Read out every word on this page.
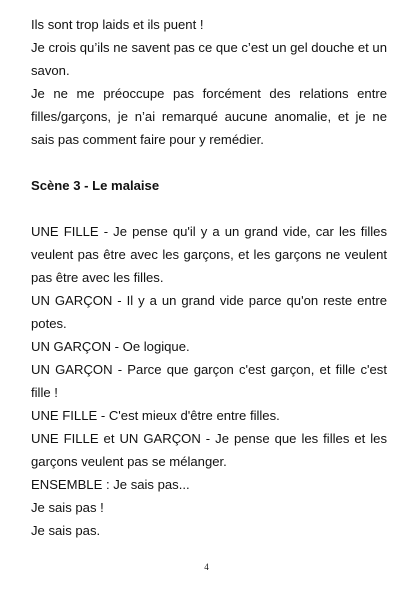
Ils sont trop laids et ils puent !
Je crois qu’ils ne savent pas ce que c’est un gel douche et un savon.
Je ne me préoccupe pas forcément des relations entre filles/garçons, je n’ai remarqué aucune anomalie, et je ne sais pas comment faire pour y remédier.
Scène 3 - Le malaise
UNE FILLE - Je pense qu'il y a un grand vide, car les filles veulent pas être avec les garçons, et les garçons ne veulent pas être avec les filles.
UN GARÇON - Il y a un grand vide parce qu'on reste entre potes.
UN GARÇON - Oe logique.
UN GARÇON - Parce que garçon c'est garçon, et fille c'est fille !
UNE FILLE - C'est mieux d'être entre filles.
UNE FILLE et UN GARÇON - Je pense que les filles et les garçons veulent pas se mélanger.
ENSEMBLE : Je sais pas...
Je sais pas !
Je sais pas.
4
